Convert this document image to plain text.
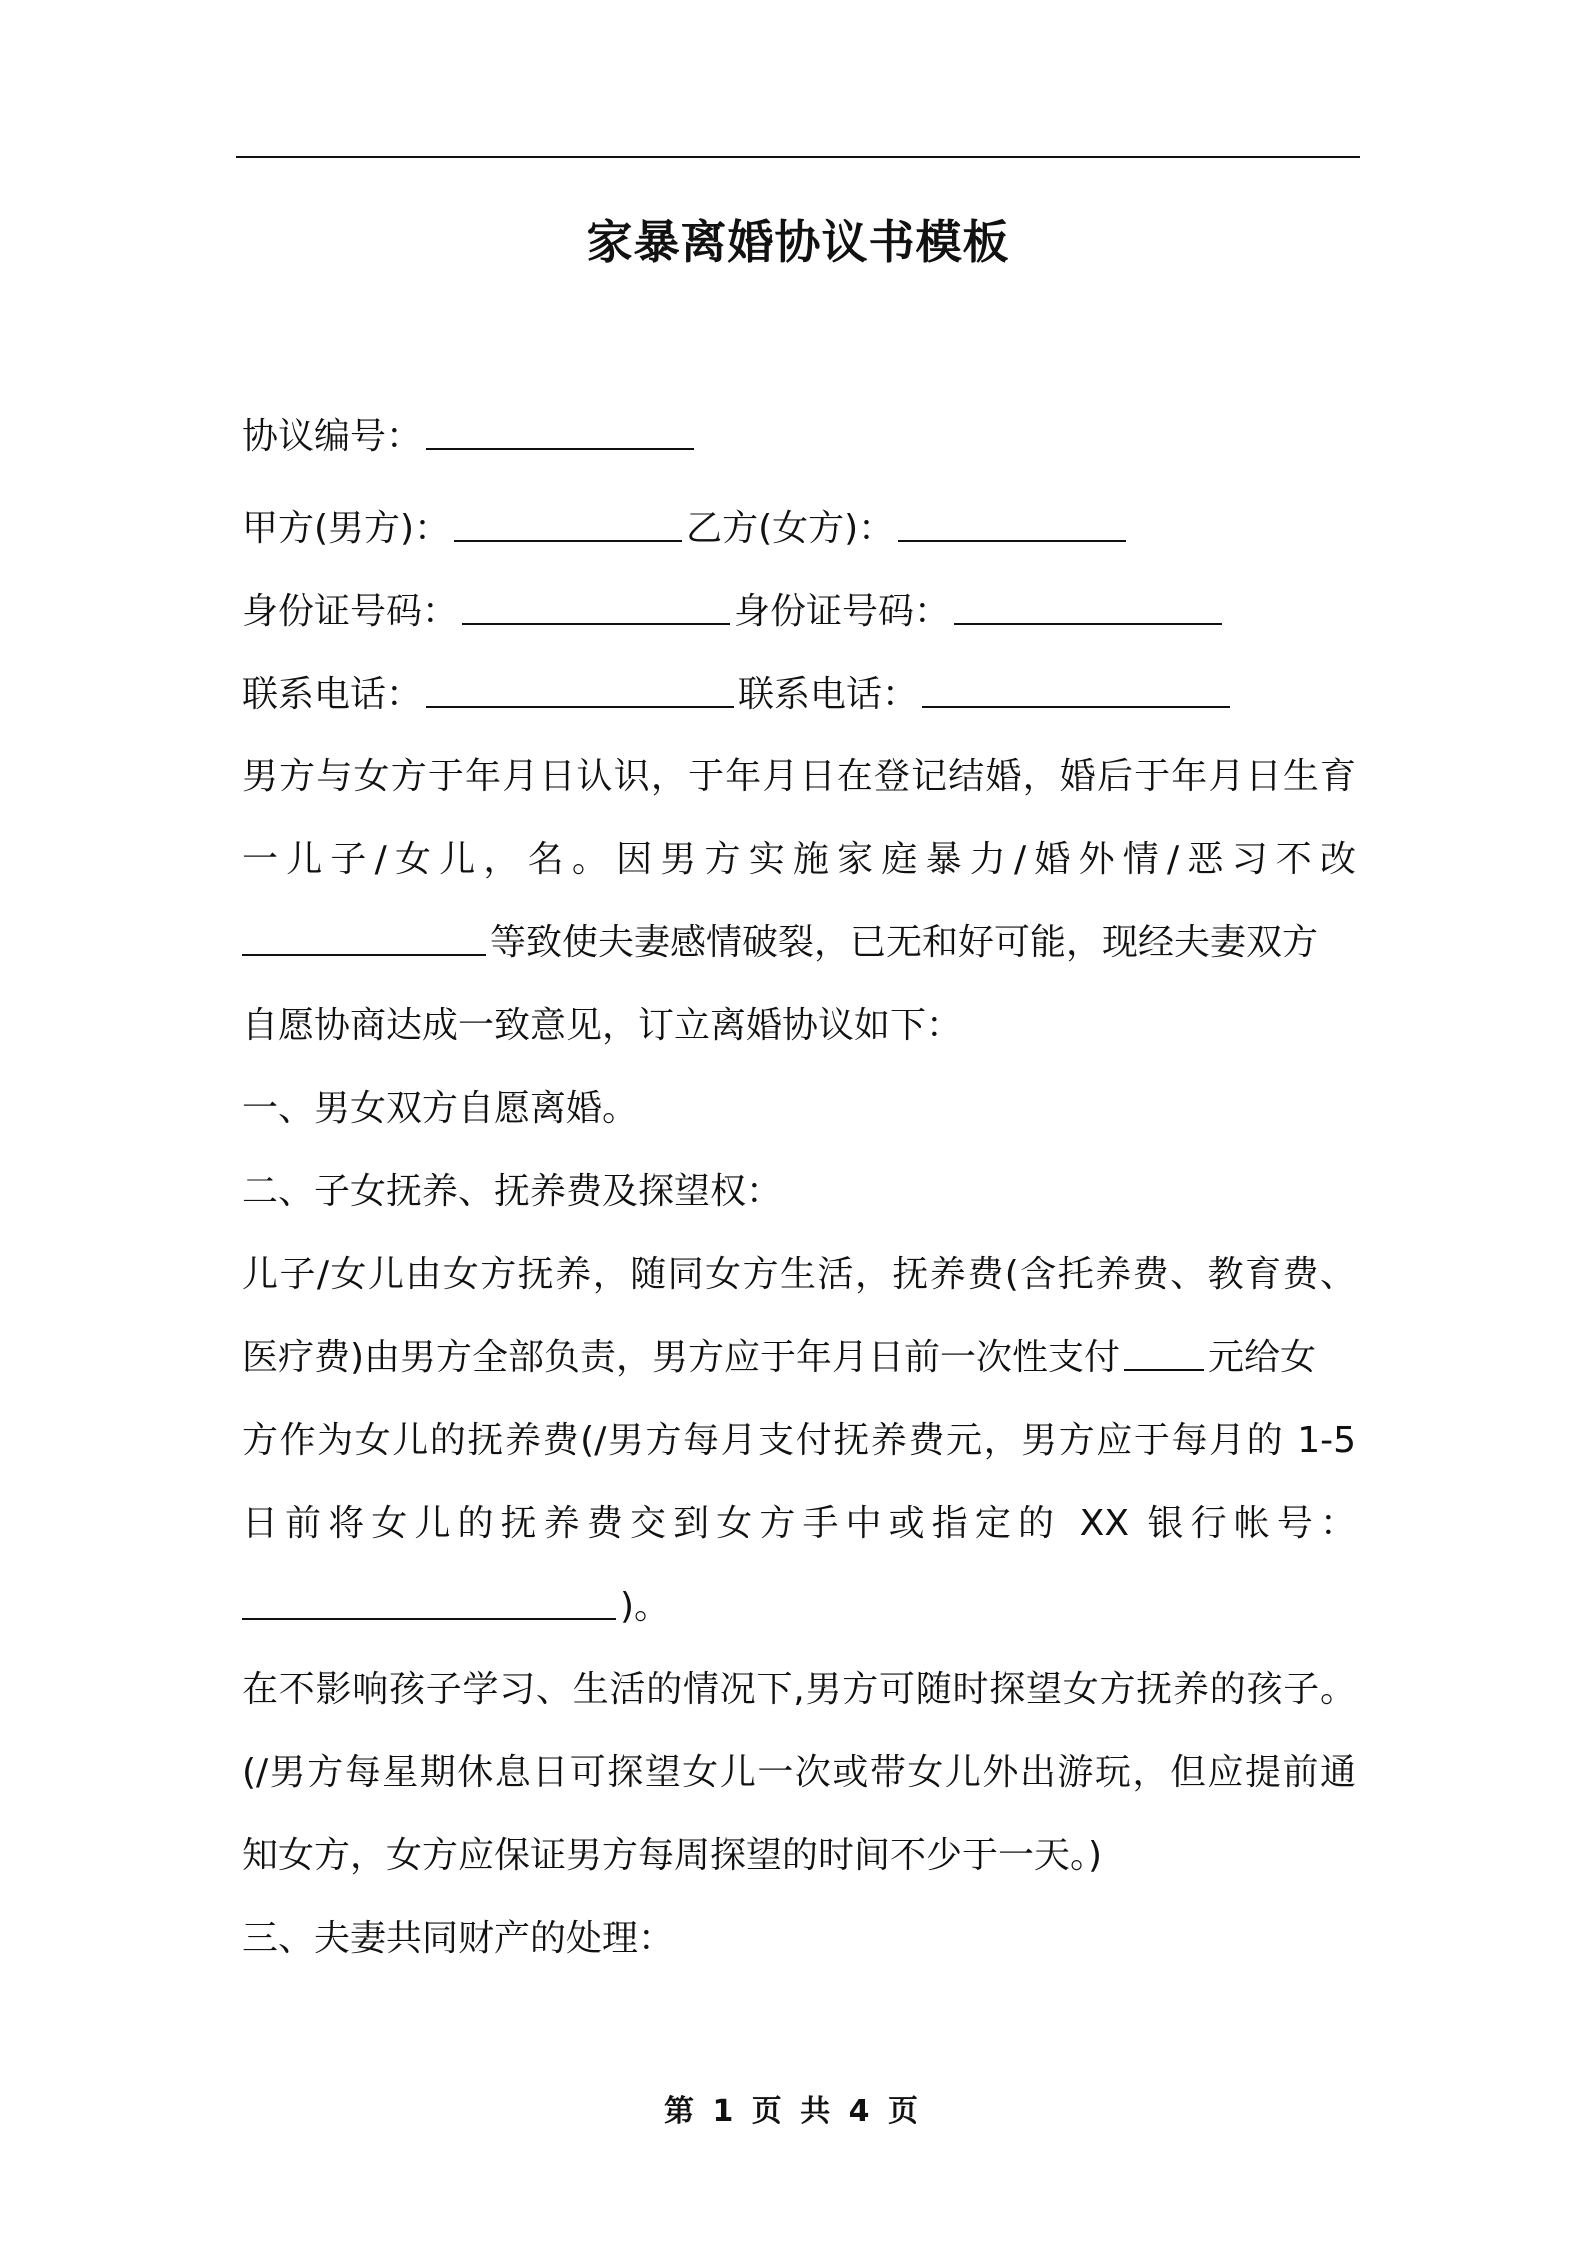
家暴离婚协议书模板
协议编号：
甲方(男方)：	乙方(女方)：
身份证号码：	身份证号码：
联系电话：	联系电话：
男方与女方于年月日认识，于年月日在登记结婚，婚后于年月日生育
一儿子/女儿，名。因男方实施家庭暴力/婚外情/恶习不改
等致使夫妻感情破裂，已无和好可能，现经夫妻双方
自愿协商达成一致意见，订立离婚协议如下：
一、男女双方自愿离婚。
二、子女抚养、抚养费及探望权：
儿子/女儿由女方抚养，随同女方生活，抚养费(含托养费、教育费、
医疗费)由男方全部负责，男方应于年月日前一次性支付 元给女
方作为女儿的抚养费(/男方每月支付抚养费元，男方应于每月的 1-5
日前将女儿的抚养费交到女方手中或指定的 XX 银行帐号：
)。
在不影响孩子学习、生活的情况下,男方可随时探望女方抚养的孩子。
(/男方每星期休息日可探望女儿一次或带女儿外出游玩，但应提前通
知女方，女方应保证男方每周探望的时间不少于一天。)
三、夫妻共同财产的处理：
第 1 页 共 4 页
